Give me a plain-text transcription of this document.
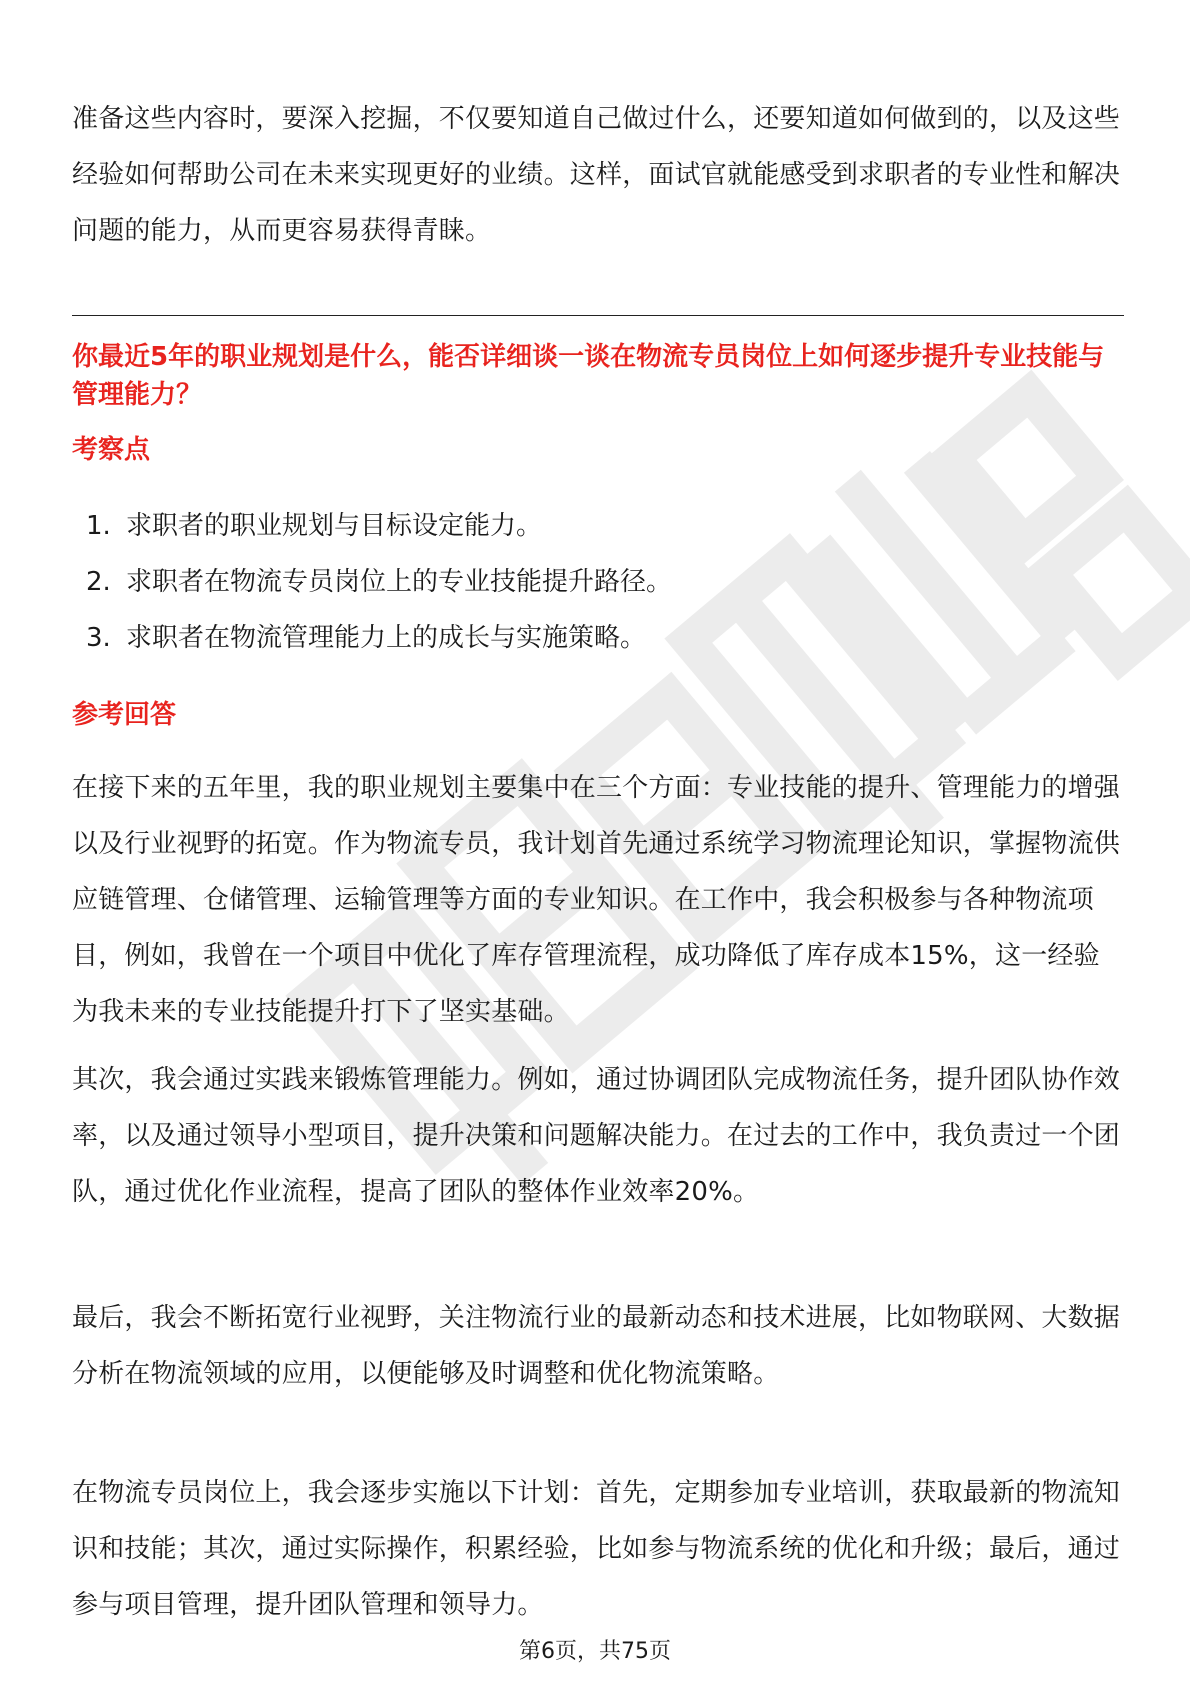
准备这些内容时，要深入挖掘，不仅要知道自己做过什么，还要知道如何做到的，以及这些经验如何帮助公司在未来实现更好的业绩。这样，面试官就能感受到求职者的专业性和解决问题的能力，从而更容易获得青睐。

你最近5年的职业规划是什么，能否详细谈一谈在物流专员岗位上如何逐步提升专业技能与管理能力？

考察点

1. 求职者的职业规划与目标设定能力。
2. 求职者在物流专员岗位上的专业技能提升路径。
3. 求职者在物流管理能力上的成长与实施策略。

参考回答

在接下来的五年里，我的职业规划主要集中在三个方面：专业技能的提升、管理能力的增强以及行业视野的拓宽。作为物流专员，我计划首先通过系统学习物流理论知识，掌握物流供应链管理、仓储管理、运输管理等方面的专业知识。在工作中，我会积极参与各种物流项目，例如，我曾在一个项目中优化了库存管理流程，成功降低了库存成本15%，这一经验为我未来的专业技能提升打下了坚实基础。

其次，我会通过实践来锻炼管理能力。例如，通过协调团队完成物流任务，提升团队协作效率，以及通过领导小型项目，提升决策和问题解决能力。在过去的工作中，我负责过一个团队，通过优化作业流程，提高了团队的整体作业效率20%。

最后，我会不断拓宽行业视野，关注物流行业的最新动态和技术进展，比如物联网、大数据分析在物流领域的应用，以便能够及时调整和优化物流策略。

在物流专员岗位上，我会逐步实施以下计划：首先，定期参加专业培训，获取最新的物流知识和技能；其次，通过实际操作，积累经验，比如参与物流系统的优化和升级；最后，通过参与项目管理，提升团队管理和领导力。

第6页，共75页
